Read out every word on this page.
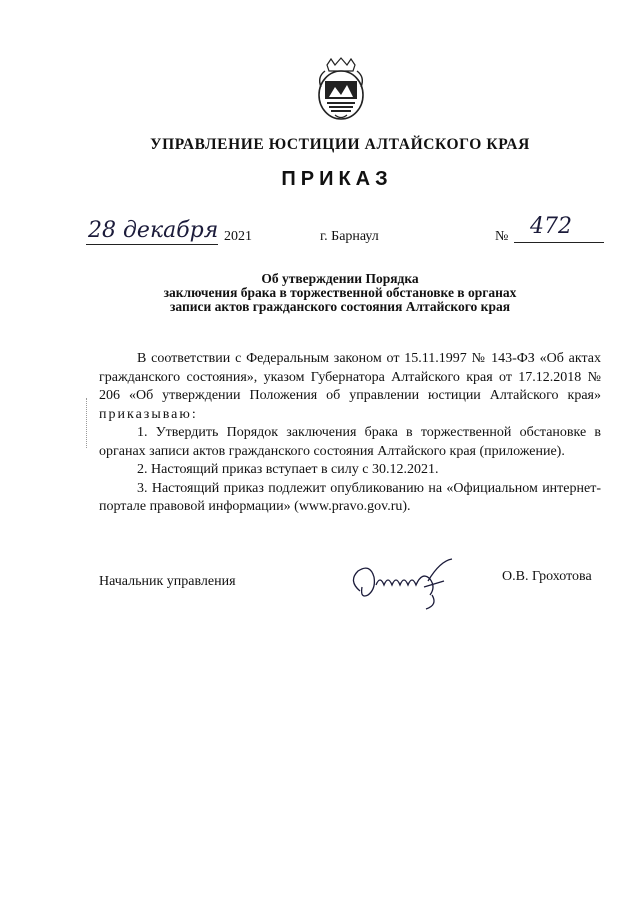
УПРАВЛЕНИЕ ЮСТИЦИИ АЛТАЙСКОГО КРАЯ
ПРИКАЗ
28 декабря 2021	г. Барнаул	№ 472
Об утверждении Порядка
заключения брака в торжественной обстановке в органах
записи актов гражданского состояния Алтайского края

В соответствии с Федеральным законом от 15.11.1997 № 143-ФЗ «Об актах гражданского состояния», указом Губернатора Алтайского края от 17.12.2018 № 206 «Об утверждении Положения об управлении юстиции Алтайского края» приказываю:

1. Утвердить Порядок заключения брака в торжественной обстановке в органах записи актов гражданского состояния Алтайского края (приложение).

2. Настоящий приказ вступает в силу с 30.12.2021.

3. Настоящий приказ подлежит опубликованию на «Официальном интернет-портале правовой информации» (www.pravo.gov.ru).

Начальник управления	О.В. Грохотова
